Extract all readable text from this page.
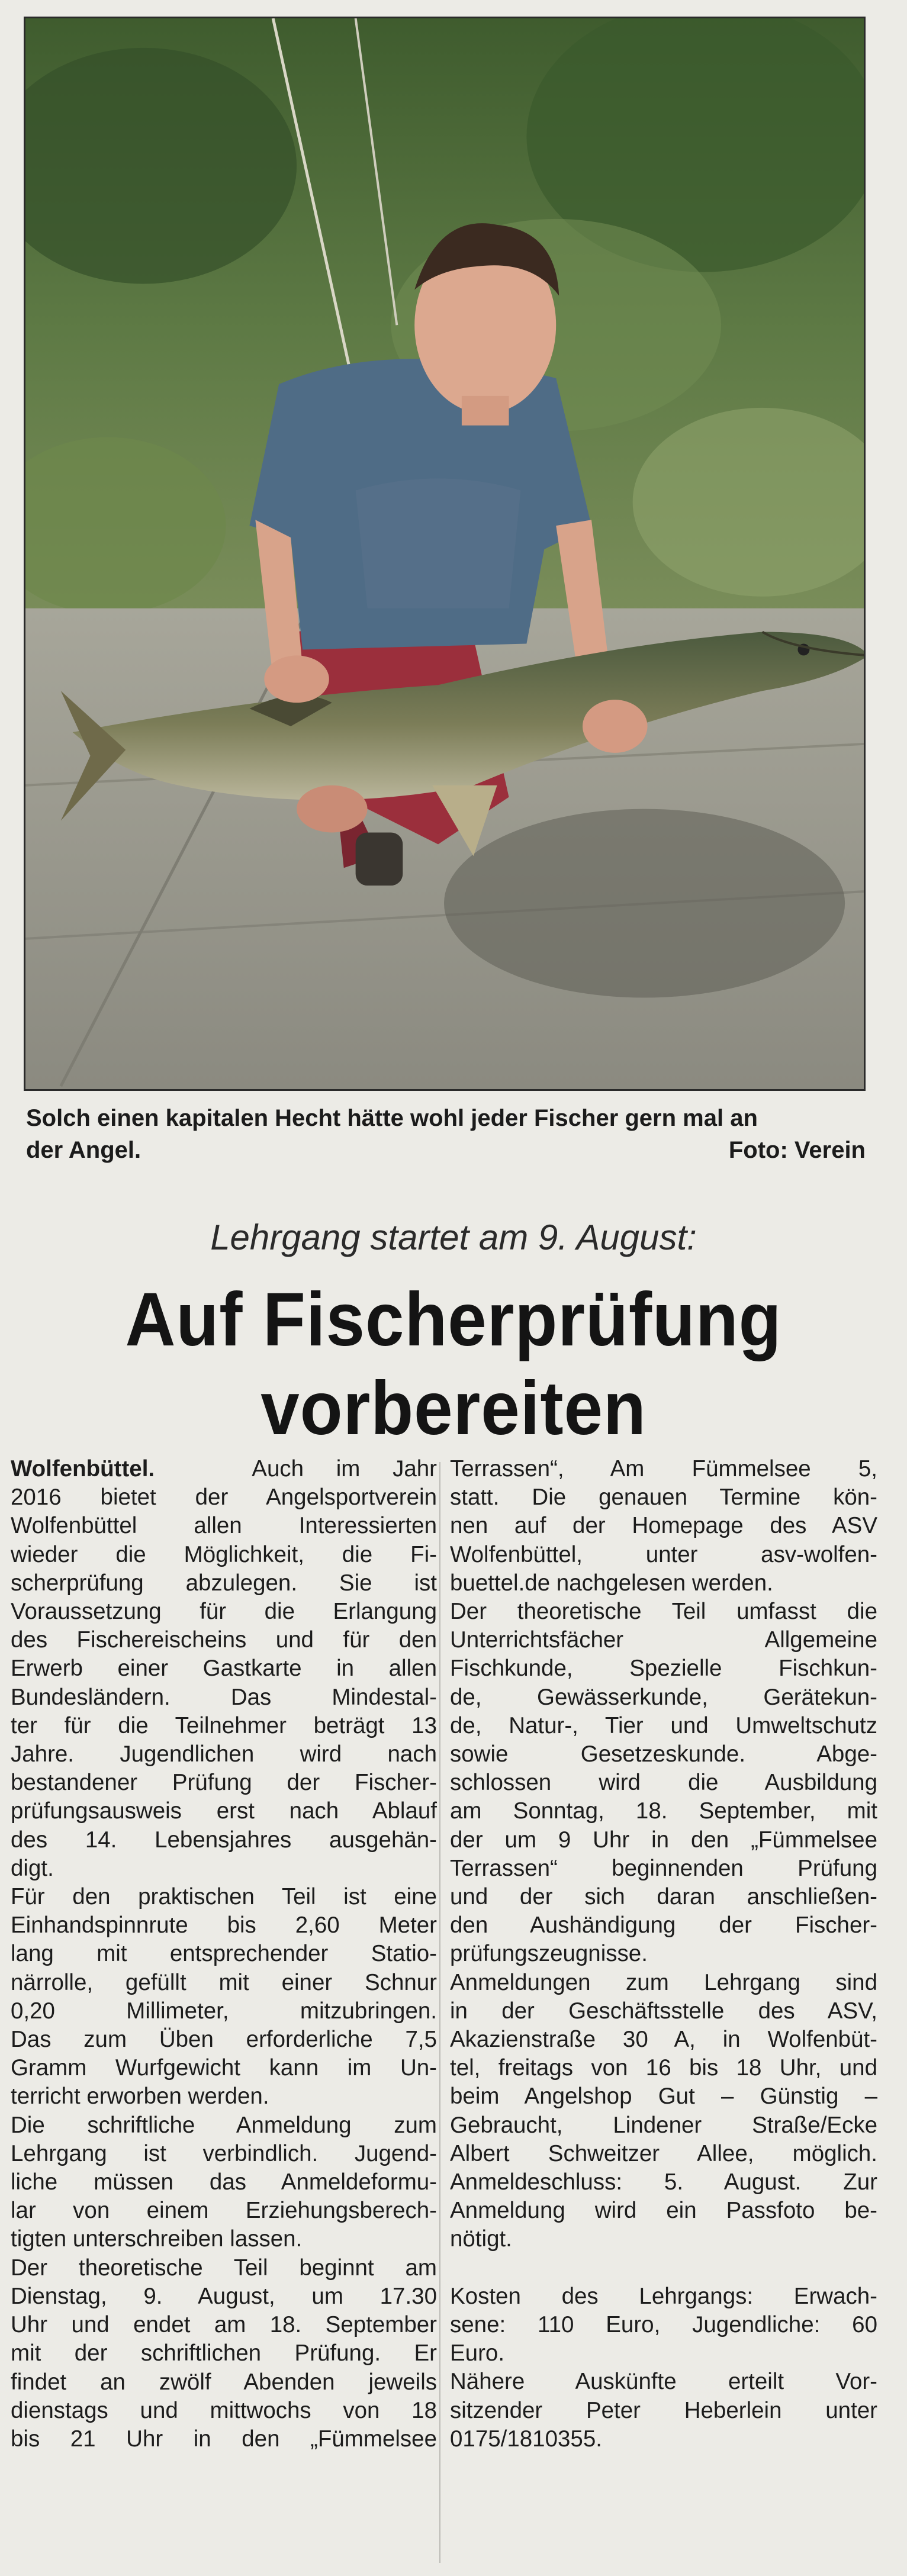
Solch einen kapitalen Hecht hätte wohl jeder Fischer gern mal an
der Angel.	Foto: Verein
Lehrgang startet am 9. August:
Auf Fischerprüfung
vorbereiten
Wolfenbüttel.	Auch im Jahr
2016 bietet der Angelsportverein
Wolfenbüttel allen Interessierten
wieder die Möglichkeit, die Fi-
scherprüfung abzulegen. Sie ist
Voraussetzung für die Erlangung
des Fischereischeins und für den
Erwerb einer Gastkarte in allen
Bundesländern. Das Mindestal-
ter für die Teilnehmer beträgt 13
Jahre. Jugendlichen wird nach
bestandener Prüfung der Fischer-
prüfungsausweis erst nach Ablauf
des 14. Lebensjahres ausgehän-
digt.
Für den praktischen Teil ist eine
Einhandspinnrute bis 2,60 Meter
lang mit entsprechender Statio-
närrolle, gefüllt mit einer Schnur
0,20 Millimeter, mitzubringen.
Das zum Üben erforderliche 7,5
Gramm Wurfgewicht kann im Un-
terricht erworben werden.
Die schriftliche Anmeldung zum
Lehrgang ist verbindlich. Jugend-
liche müssen das Anmeldeformu-
lar von einem Erziehungsberech-
tigten unterschreiben lassen.
Der theoretische Teil beginnt am
Dienstag, 9. August, um 17.30
Uhr und endet am 18. September
mit der schriftlichen Prüfung. Er
findet an zwölf Abenden jeweils
dienstags und mittwochs von 18
bis 21 Uhr in den „Fümmelsee
Terrassen“, Am Fümmelsee 5,
statt. Die genauen Termine kön-
nen auf der Homepage des ASV
Wolfenbüttel, unter asv-wolfen-
buettel.de nachgelesen werden.
Der theoretische Teil umfasst die
Unterrichtsfächer Allgemeine
Fischkunde, Spezielle Fischkun-
de, Gewässerkunde, Gerätekun-
de, Natur-, Tier und Umweltschutz
sowie Gesetzeskunde. Abge-
schlossen wird die Ausbildung
am Sonntag, 18. September, mit
der um 9 Uhr in den „Fümmelsee
Terrassen“ beginnenden Prüfung
und der sich daran anschließen-
den Aushändigung der Fischer-
prüfungszeugnisse.
Anmeldungen zum Lehrgang sind
in der Geschäftsstelle des ASV,
Akazienstraße 30 A, in Wolfenbüt-
tel, freitags von 16 bis 18 Uhr, und
beim Angelshop Gut – Günstig –
Gebraucht, Lindener Straße/Ecke
Albert Schweitzer Allee, möglich.
Anmeldeschluss: 5. August. Zur
Anmeldung wird ein Passfoto be-
nötigt.
Kosten des Lehrgangs: Erwach-
sene: 110 Euro, Jugendliche: 60
Euro.
Nähere Auskünfte erteilt Vor-
sitzender Peter Heberlein unter
0175/1810355.
